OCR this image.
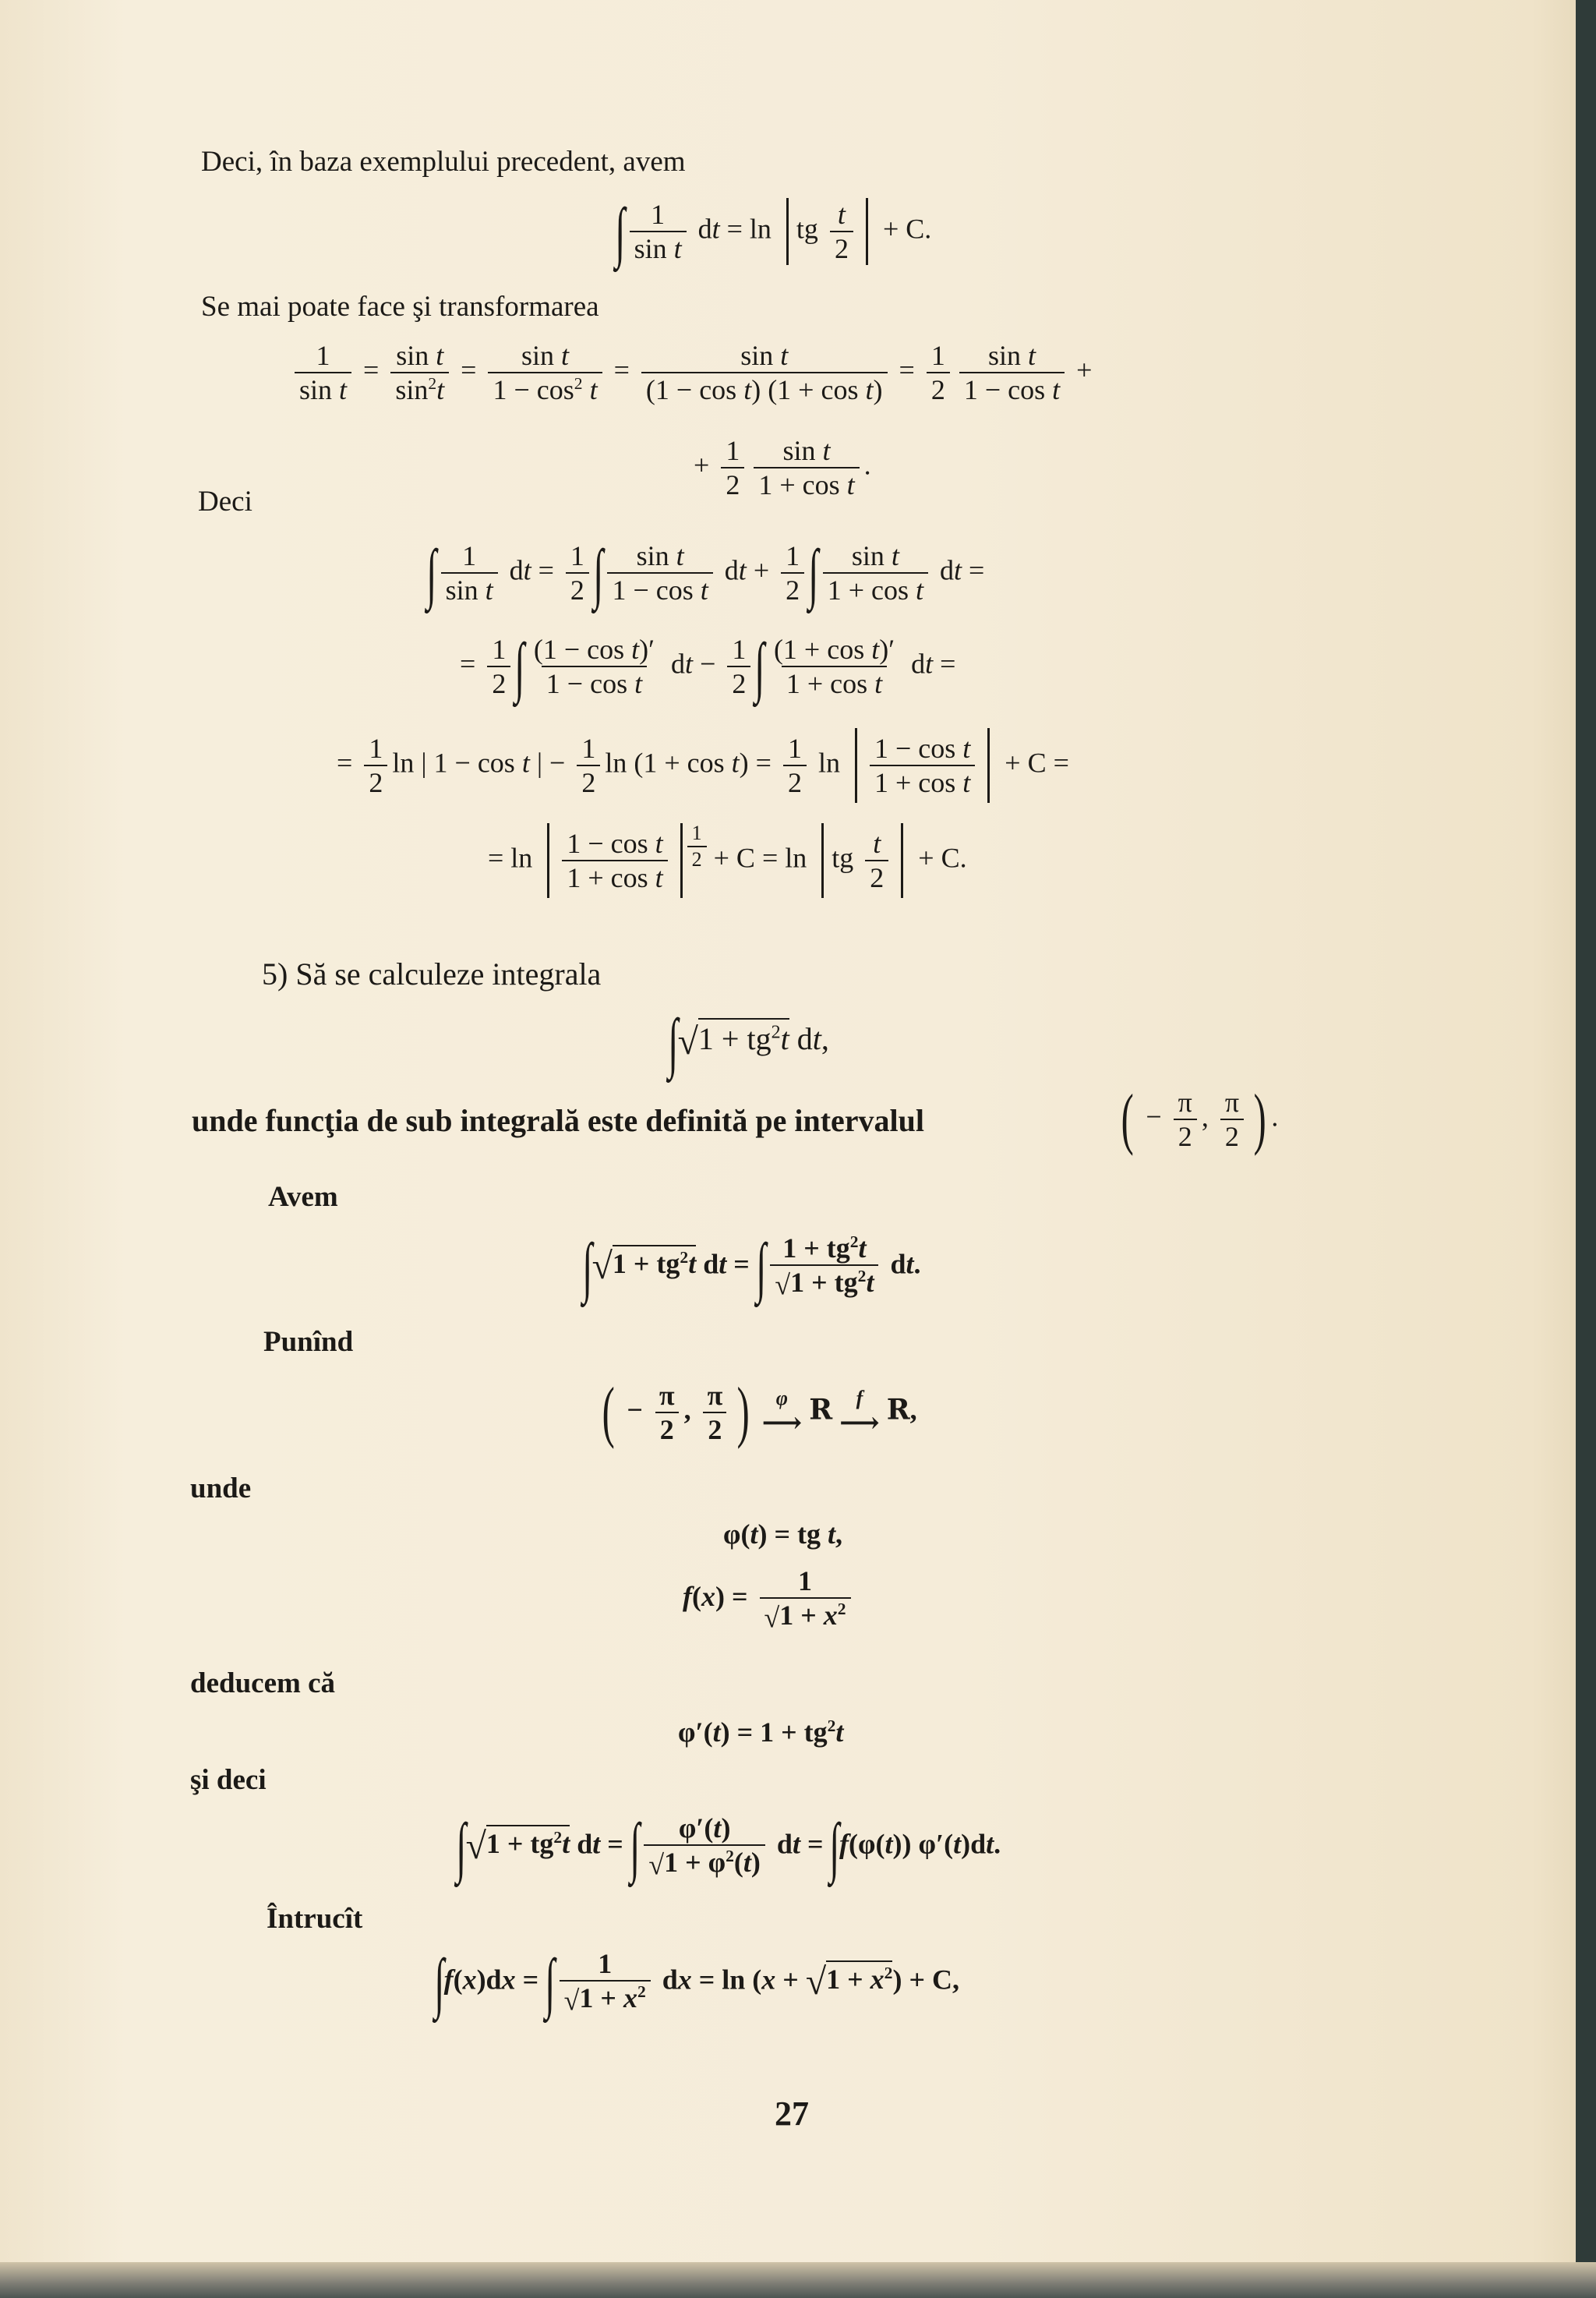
Deci, în baza exemplului precedent, avem
∫ $\frac{1}{\text{sin t}}$ dt = ln tg $\frac{t}{2} + C$.
Se mai poate face şi transformarea
$\frac{1}{\text{sin t}} = \frac{\text{sin t}}{\sin^2t} = \frac{\text{sin t}}{1 - \cos^2 t} = \frac{\text{sin t}}{\text{(1 − cos t) (1 + cos t)}} = \frac{1}{2} \frac{\text{sin t}}{\text{1 − cos t}}$ +
+ $\frac{1}{2} \frac{\text{sin t}}{\text{1 + cos t}}$ .
Deci
∫ $\frac{1}{\text{sin t}}$ dt = $\frac{1}{2}$ ∫ $\frac{\text{sin t}}{\text{1 − cos t}}$ dt + $\frac{1}{2}$ ∫ $\frac{\text{sin t}}{\text{1 + cos t}}$ dt =
= $\frac{1}{2}$ ∫ $\frac{\text{(1 − cos t)′}}{\text{1 − cos t}}$ dt − $\frac{1}{2}$ ∫ $\frac{\text{(1 + cos t)′}}{\text{1 + cos t}}$ dt =
= $\frac{1}{2}$ ln | 1 − cos t | − $\frac{1}{2}$ $\ln (1 + \cos t) = \frac{1}{2}$ $\ln \frac{\text{1 − cos t}}{\text{1 + cos t}} + C$ =
= $\ln \frac{\text{1 − cos t}}{\text{1 + cos t}} \frac{1}{2} + C = \ln$ tg $\frac{t}{2} + C$.
5) Să se calculeze integrala
$\int√1 + tg^2t$ dt,
unde funcţia de sub integrală este definită pe intervalul	( − $\frac{\pi}{2}$ , $\frac{\pi}{2}$ ) .
Avem
$\int√1 + tg^2t$ dt = ∫ $\frac{1 + tg^2t}{√1 + tg^2t}$ dt.
Punînd
( − $\frac{\pi}{2}$ , $\frac{\pi}{2}$ ) φ
⟶ R f
⟶ R,
unde
φ(t) = tg t,
$f(x) = \frac{1}{√1 + x^2}$
deducem că
$\varphi'(t) = 1 + tg^2t$
şi deci
$\int√1 + tg^2t$ dt = ∫ $\frac{\varphi'(t)}{√1 + \varphi^2(t)}$ dt = ∫f(φ(t)) φ′(t)dt.
Întrucît
∫f(x)dx = ∫ $\frac{1}{√1 + x^2}$ dx = $\ln (x + √1 + x^2) + C$,
27
